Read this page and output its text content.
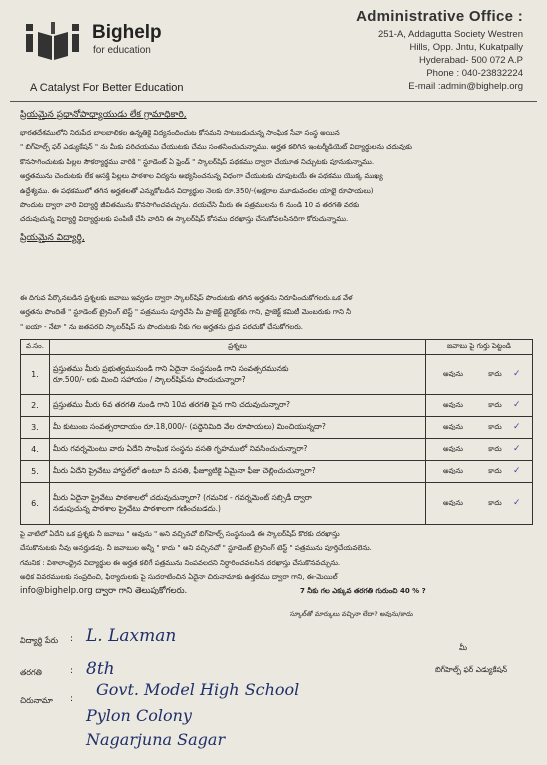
Bighelp
for education
A Catalyst For Better Education
Administrative Office :
251-A, Addagutta Society Westren
Hills, Opp. Jntu, Kukatpally
Hyderabad- 500 072 A.P
Phone : 040-23832224
E-mail :admin@bighelp.org
ప్రియమైన ప్రధానోపాధ్యాయుడు లేక గ్రామాధికారి,
భారతదేశములోని నిరుపేద బాలబాలికల ఉన్నతికై విద్యనందించుట కోసమని సాటబడుచున్న సాంఘిక సేవా సంస్థ అయిన
" బిగ్‌హెల్ప్ ఫర్ ఎడ్యుకేషన్ " ను మీకు పరిచయము చేయుటకు చేము సంతసించుచున్నాము. అర్హత కలిగిన ఇంటర్మీడియెట్ విద్యార్థులను చదువుకు
కొనసాగించుటకు పిల్లల సౌకర్యార్థము వారికి " స్టూడెంట్ ఏ ఫ్రెండ్ " స్కాలర్‌షిప్ పథకము ద్వారా చేయూత నిచ్చుటకు పూనుకున్నాము.
అర్హతమును చెందుటకు లేక ఆసక్తి పిల్లలు పాఠశాల విద్యను అభ్యసించనున్న విధంగా చేయుటకు చూపుటయే ఈ పథకము యొక్క ముఖ్య
ఉద్దేశ్యము. ఈ పథకములో తగిన అర్హతలతో ఎన్నుకోబడిన విద్యార్థుల నెలకు రూ.350/-(అక్షరాల మూడువందల యాభై రూపాయలు)
పొందుట ద్వారా వారి విద్యార్థి జీవితమును కొనసాగించవచ్చును. దయచేసి మీరు ఈ పత్రములను 6 నుండి 10 వ తరగతి వరకు
చదువుచున్న విద్యార్థి విద్యార్థులకు పంపిణీ చేసి వారిని ఈ స్కాలర్‌షిప్ కోసము దరఖాస్తు చేసుకోవలసినదిగా కోరుచున్నాము.
ప్రియమైన విద్యార్థి,
ఈ దిగువ పేర్కొనబడిన ప్రశ్నలకు జవాబు ఇవ్వడం ద్వారా స్కాలర్‌షిప్ పొందుటకు తగిన అర్హతను నిరూపించుకోగలరు.ఒక వేళ
అర్హతను పొందితే " స్టూడెంట్ ట్రైనింగ్ టెస్ట్ " పత్రమును పూర్తిచేసి మీ ప్రాజెక్ట్ డైరెక్టర్‌కు గాని, ప్రాజెక్ట్ కమిటీ మెంబరుకు గాని నీ
" ఐయా - నేటా " ను జతపరచి స్కాలర్‌షిప్ ను పొందుటకు నీకు గల అర్హతను ద్రువ పరచుకో చేసుకోగలరు.
వ.సం.	ప్రశ్నలు	జవాబు పై గుర్తు పెట్టండి
1.	ప్రస్తుతము మీరు ప్రభుత్వమునుండి గాని ఏదైనా సంస్థనుండి గాని సంవత్సరమునకు
రూ.500/- లకు మించి సహాయం / స్కాలర్‌షిప్‌ను పొందుచున్నారా?	అవును కాదు ✓
2.	ప్రస్తుతము మీరు 6వ తరగతి నుండి గాని 10వ తరగతి పైన గాని చదువుచున్నారా?	అవును కాదు ✓
3.	మీ కుటుంబ సంవత్సరాదాయం రూ.18,000/- (పద్దెనిమిది వేల రూపాయలు) మించియున్నదా?	అవును కాదు ✓
4.	మీరు గవర్నమెంటు వారు ఏదేని సాంఘిక సంస్థను వసతి గృహములో నివసించుచున్నారా?	అవును కాదు ✓
5.	మీరు ఏదేని ప్రైవేటు హాస్టల్‌లో ఉంటూ నీ వసతి, ఫీజ్యూటికై ఏమైనా ఫీజు చెల్లించుచున్నారా?	అవును కాదు ✓
6.	మీరు ఏదైనా ప్రైవేటు పాఠశాలలో చదువుచున్నారా? (గమనిక - గవర్నమెంట్ సబ్సిడీ ద్వారా
నడుపుచున్న పాఠశాల ప్రైవేటు పాఠశాలగా గణించబడదు.)	అవును కాదు ✓
పై వాటిలో ఏదేని ఒక ప్రశ్నకు నీ జవాబు " అవును " అని వచ్చినచో బిగ్‌హెల్ప్ సంస్థనుండి ఈ స్కాలర్‌షిప్ కొరకు దరఖాస్తు
చేసుకొనుటకు నీవు అనర్హుడవు. నీ జవాబుల అన్నీ " కాదు " అని వచ్చినచో " స్టూడెంట్ ట్రైనింగ్ టెస్ట్ " పత్రమును పూర్తిచేయవలెను.
గమనిక : విశాలాంధ్రైన విద్యార్థుల ఈ అర్హత కలిగే పత్రమును నింపవలదని నిర్ధారించవలసిన దరఖాస్తు చేసుకొనవచ్చును.
అధిక వివరములకు సంప్రదించి, ఫిర్యాదులకు పై సుదరాటించిన ఏదైనా చిరునామాకు ఉత్తరము ద్వారా గాని, ఈ-మెయిల్
info@bighelp.org ద్వారా గాని తెలుపుకోగలరు.	7 నీకు గల ఎక్కువ తరగతి గురుంచి 40 % ?
స్కూల్‌తో మార్కులు వచ్చినా లేదా? అవును/కాదు
విద్యార్థి పేరు : L. Laxman
తరగతి	: 8th
చిరునామా : Govt. Model High School
Pylon Colony
Nagarjuna Sagar
మీ
బిగ్‌హెల్ప్ ఫర్ ఎడ్యుకేషన్
